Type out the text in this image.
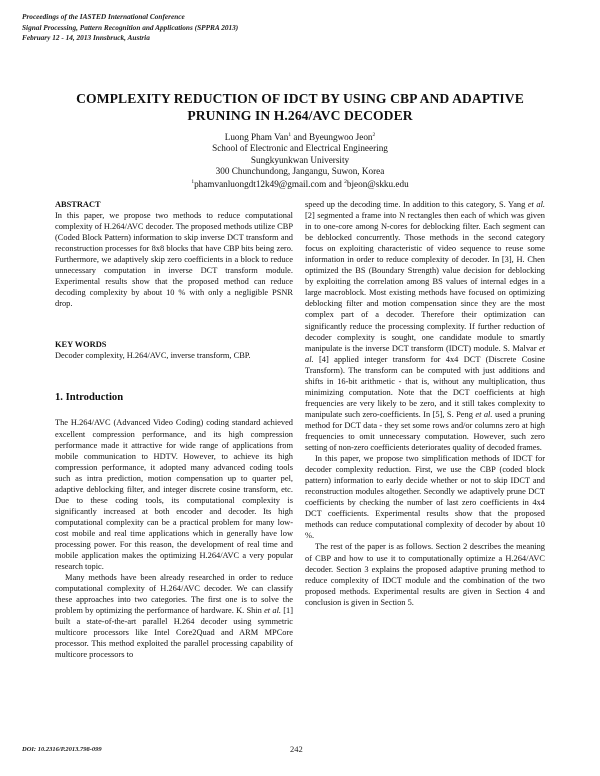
Proceedings of the IASTED International Conference
Signal Processing, Pattern Recognition and Applications (SPPRA 2013)
February 12 - 14, 2013 Innsbruck, Austria
COMPLEXITY REDUCTION OF IDCT BY USING CBP AND ADAPTIVE
PRUNING IN H.264/AVC DECODER
Luong Pham Van$^1$ and Byeungwoo Jeon$^2$
School of Electronic and Electrical Engineering
Sungkyunkwan University
300 Chunchundong, Jangangu, Suwon, Korea
$^1$phamvanluongdt12k49@gmail.com and $^2$bjeon@skku.edu

ABSTRACT

In this paper, we propose two methods to reduce computational complexity of H.264/AVC decoder. The proposed methods utilize CBP (Coded Block Pattern) information to skip inverse DCT transform and reconstruction processes for 8x8 blocks that have CBP bits being zero. Furthermore, we adaptively skip zero coefficients in a block to reduce unnecessary computation in inverse DCT transform module. Experimental results show that the proposed method can reduce decoding complexity by about 10 % with only a negligible PSNR drop.

KEY WORDS

Decoder complexity, H.264/AVC, inverse transform, CBP.

1. Introduction

The H.264/AVC (Advanced Video Coding) coding standard achieved excellent compression performance, and its high compression performance made it attractive for wide range of applications from mobile communication to HDTV. However, to achieve its high compression performance, it adopted many advanced coding tools such as intra prediction, motion compensation up to quarter pel, adaptive deblocking filter, and integer discrete cosine transform, etc. Due to these coding tools, its computational complexity is significantly increased at both encoder and decoder. Its high computational complexity can be a practical problem for many low-cost mobile and real time applications which in generally have low processing power. For this reason, the development of real time and mobile application makes the optimizing H.264/AVC a very popular research topic.

Many methods have been already researched in order to reduce computational complexity of H.264/AVC decoder. We can classify these approaches into two categories. The first one is to solve the problem by optimizing the performance of hardware. K. Shin et al. [1] built a state-of-the-art parallel H.264 decoder using symmetric multicore processors like Intel Core2Quad and ARM MPCore processor. This method exploited the parallel processing capability of multicore processors to

speed up the decoding time. In addition to this category, S. Yang et al. [2] segmented a frame into N rectangles then each of which was given in to one-core among N-cores for deblocking filter. Each segment can be deblocked concurrently. Those methods in the second category focus on exploiting characteristic of video sequence to reuse some information in order to reduce complexity of decoder. In [3], H. Chen optimized the BS (Boundary Strength) value decision for deblocking by exploiting the correlation among BS values of internal edges in a large macroblock. Most existing methods have focused on optimizing deblocking filter and motion compensation since they are the most complex part of a decoder. Therefore their optimization can significantly reduce the processing complexity. If further reduction of decoder complexity is sought, one candidate module to smartly manipulate is the inverse DCT transform (IDCT) module. S. Malvar et al. [4] applied integer transform for 4x4 DCT (Discrete Cosine Transform). The transform can be computed with just additions and shifts in 16-bit arithmetic - that is, without any multiplication, thus minimizing computation. Note that the DCT coefficients at high frequencies are very likely to be zero, and it still takes complexity to manipulate such zero-coefficients. In [5], S. Peng et al. used a pruning method for DCT data - they set some rows and/or columns zero at high frequencies to omit unnecessary computation. However, such zero setting of non-zero coefficients deteriorates quality of decoded frames.

In this paper, we propose two simplification methods of IDCT for decoder complexity reduction. First, we use the CBP (coded block pattern) information to early decide whether or not to skip IDCT and reconstruction modules altogether. Secondly we adaptively prune DCT coefficients by checking the number of last zero coefficients in 4x4 DCT coefficients. Experimental results show that the proposed methods can reduce computational complexity of decoder by about 10 %.

The rest of the paper is as follows. Section 2 describes the meaning of CBP and how to use it to computationally optimize a H.264/AVC decoder. Section 3 explains the proposed adaptive pruning method to reduce complexity of IDCT module and the combination of the two proposed methods. Experimental results are given in Section 4 and conclusion is given in Section 5.

DOI: 10.2316/P.2013.798-099	242
